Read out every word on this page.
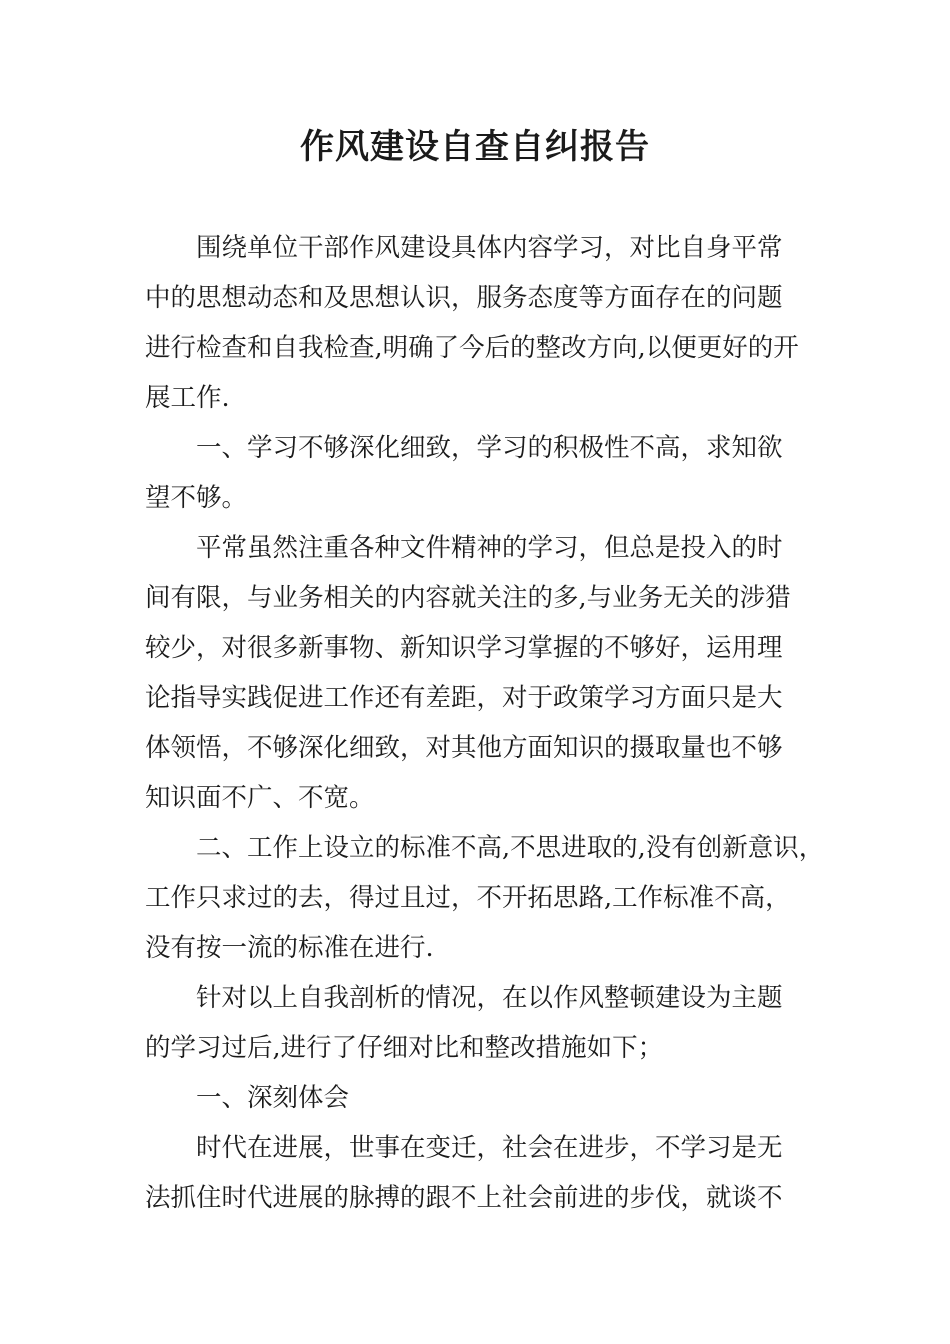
作风建设自查自纠报告

　　围绕单位干部作风建设具体内容学习，对比自身平常

中的思想动态和及思想认识，服务态度等方面存在的问题

进行检查和自我检查,明确了今后的整改方向,以便更好的开

展工作.

　　一、学习不够深化细致，学习的积极性不高，求知欲

望不够。

　　平常虽然注重各种文件精神的学习，但总是投入的时

间有限，与业务相关的内容就关注的多,与业务无关的涉猎

较少，对很多新事物、新知识学习掌握的不够好，运用理

论指导实践促进工作还有差距，对于政策学习方面只是大

体领悟，不够深化细致，对其他方面知识的摄取量也不够

知识面不广、不宽。

　　二、工作上设立的标准不高,不思进取的,没有创新意识，

工作只求过的去，得过且过，不开拓思路,工作标准不高，

没有按一流的标准在进行.

　　针对以上自我剖析的情况，在以作风整顿建设为主题

的学习过后,进行了仔细对比和整改措施如下；

　　一、深刻体会

　　时代在进展，世事在变迁，社会在进步，不学习是无

法抓住时代进展的脉搏的跟不上社会前进的步伐，就谈不
